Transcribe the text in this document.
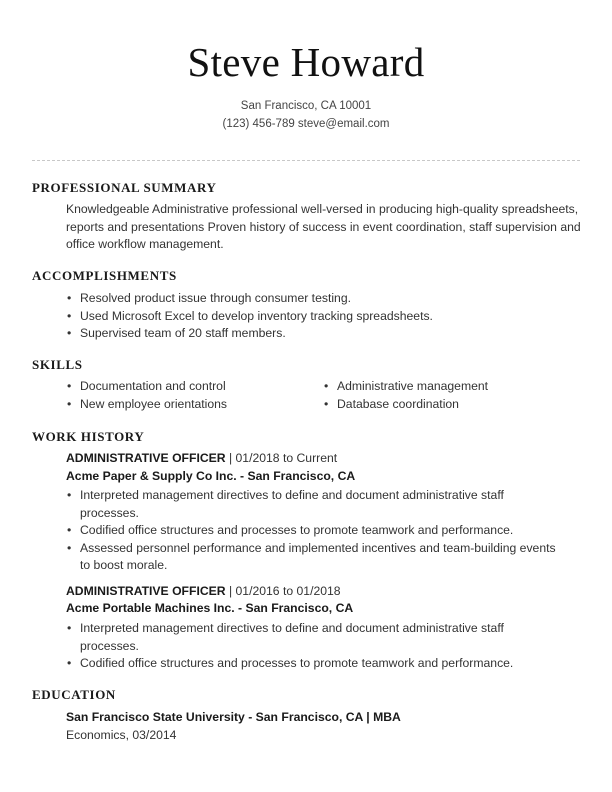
Steve Howard
San Francisco, CA 10001
(123) 456-789 steve@email.com
PROFESSIONAL SUMMARY
Knowledgeable Administrative professional well-versed in producing high-quality spreadsheets, reports and presentations Proven history of success in event coordination, staff supervision and office workflow management.
ACCOMPLISHMENTS
• Resolved product issue through consumer testing.
• Used Microsoft Excel to develop inventory tracking spreadsheets.
• Supervised team of 20 staff members.
SKILLS
• Documentation and control
• New employee orientations
• Administrative management
• Database coordination
WORK HISTORY
ADMINISTRATIVE OFFICER | 01/2018 to Current
Acme Paper & Supply Co Inc. - San Francisco, CA
• Interpreted management directives to define and document administrative staff processes.
• Codified office structures and processes to promote teamwork and performance.
• Assessed personnel performance and implemented incentives and team-building events to boost morale.
ADMINISTRATIVE OFFICER | 01/2016 to 01/2018
Acme Portable Machines Inc. - San Francisco, CA
• Interpreted management directives to define and document administrative staff processes.
• Codified office structures and processes to promote teamwork and performance.
EDUCATION
San Francisco State University - San Francisco, CA | MBA
Economics, 03/2014
